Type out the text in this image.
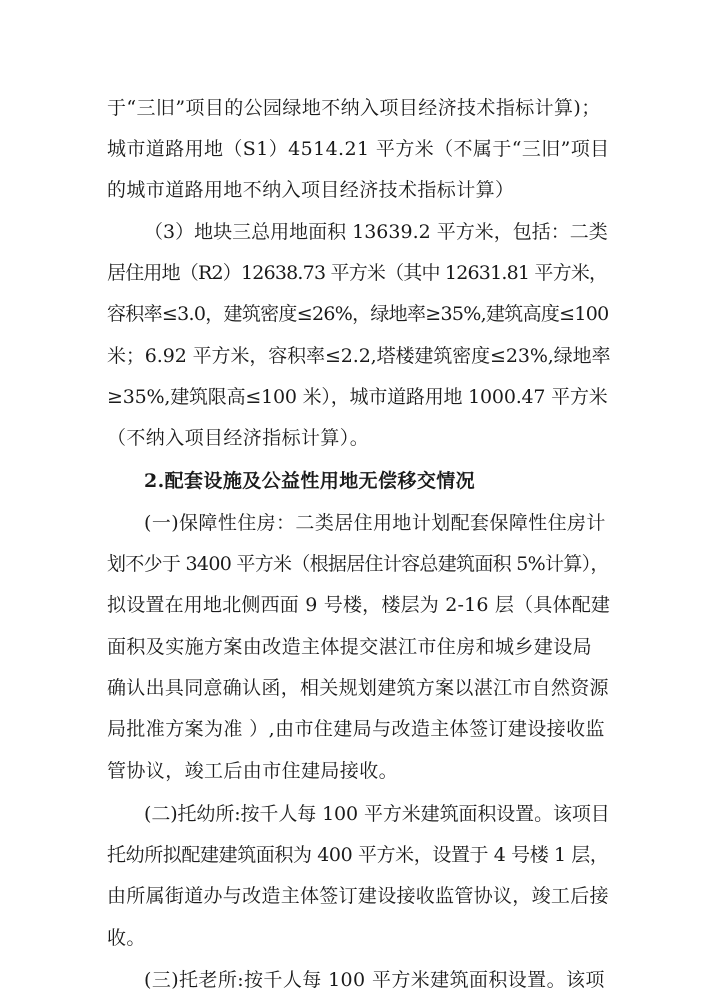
于“三旧”项目的公园绿地不纳入项目经济技术指标计算)；
城市道路用地（S1）4514.21 平方米（不属于“三旧”项目
的城市道路用地不纳入项目经济技术指标计算）
（3）地块三总用地面积 13639.2 平方米，包括：二类
居住用地（R2）12638.73 平方米（其中 12631.81 平方米，
容积率≤3.0，建筑密度≤26%，绿地率≥35%,建筑高度≤100
米；6.92 平方米，容积率≤2.2,塔楼建筑密度≤23%,绿地率
≥35%,建筑限高≤100 米），城市道路用地 1000.47 平方米
（不纳入项目经济指标计算）。
2.配套设施及公益性用地无偿移交情况
(一)保障性住房：二类居住用地计划配套保障性住房计
划不少于 3400 平方米（根据居住计容总建筑面积 5%计算），
拟设置在用地北侧西面 9 号楼，楼层为 2-16 层（具体配建
面积及实施方案由改造主体提交湛江市住房和城乡建设局
确认出具同意确认函，相关规划建筑方案以湛江市自然资源
局批准方案为准 ）,由市住建局与改造主体签订建设接收监
管协议，竣工后由市住建局接收。
(二)托幼所:按千人每 100 平方米建筑面积设置。该项目
托幼所拟配建建筑面积为 400 平方米，设置于 4 号楼 1 层，
由所属街道办与改造主体签订建设接收监管协议，竣工后接
收。
(三)托老所:按千人每 100 平方米建筑面积设置。该项
